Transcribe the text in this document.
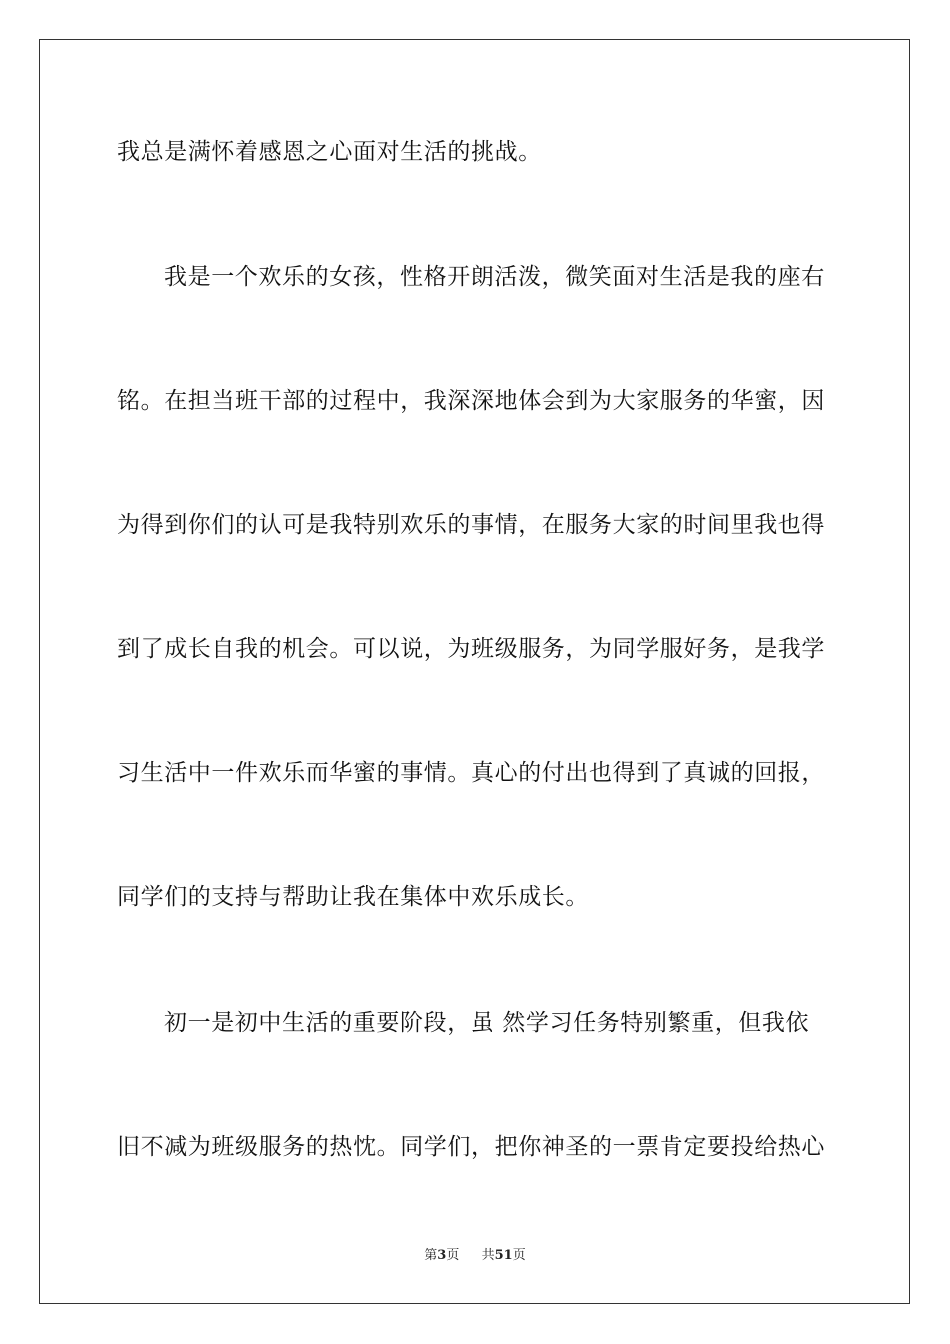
我总是满怀着感恩之心面对生活的挑战。
我是一个欢乐的女孩，性格开朗活泼，微笑面对生活是我的座右
铭。在担当班干部的过程中，我深深地体会到为大家服务的华蜜，因
为得到你们的认可是我特别欢乐的事情，在服务大家的时间里我也得
到了成长自我的机会。可以说，为班级服务，为同学服好务，是我学
习生活中一件欢乐而华蜜的事情。真心的付出也得到了真诚的回报，
同学们的支持与帮助让我在集体中欢乐成长。
初一是初中生活的重要阶段，虽 然学习任务特别繁重，但我依
旧不减为班级服务的热忱。同学们，把你神圣的一票肯定要投给热心
第3页 共51页
